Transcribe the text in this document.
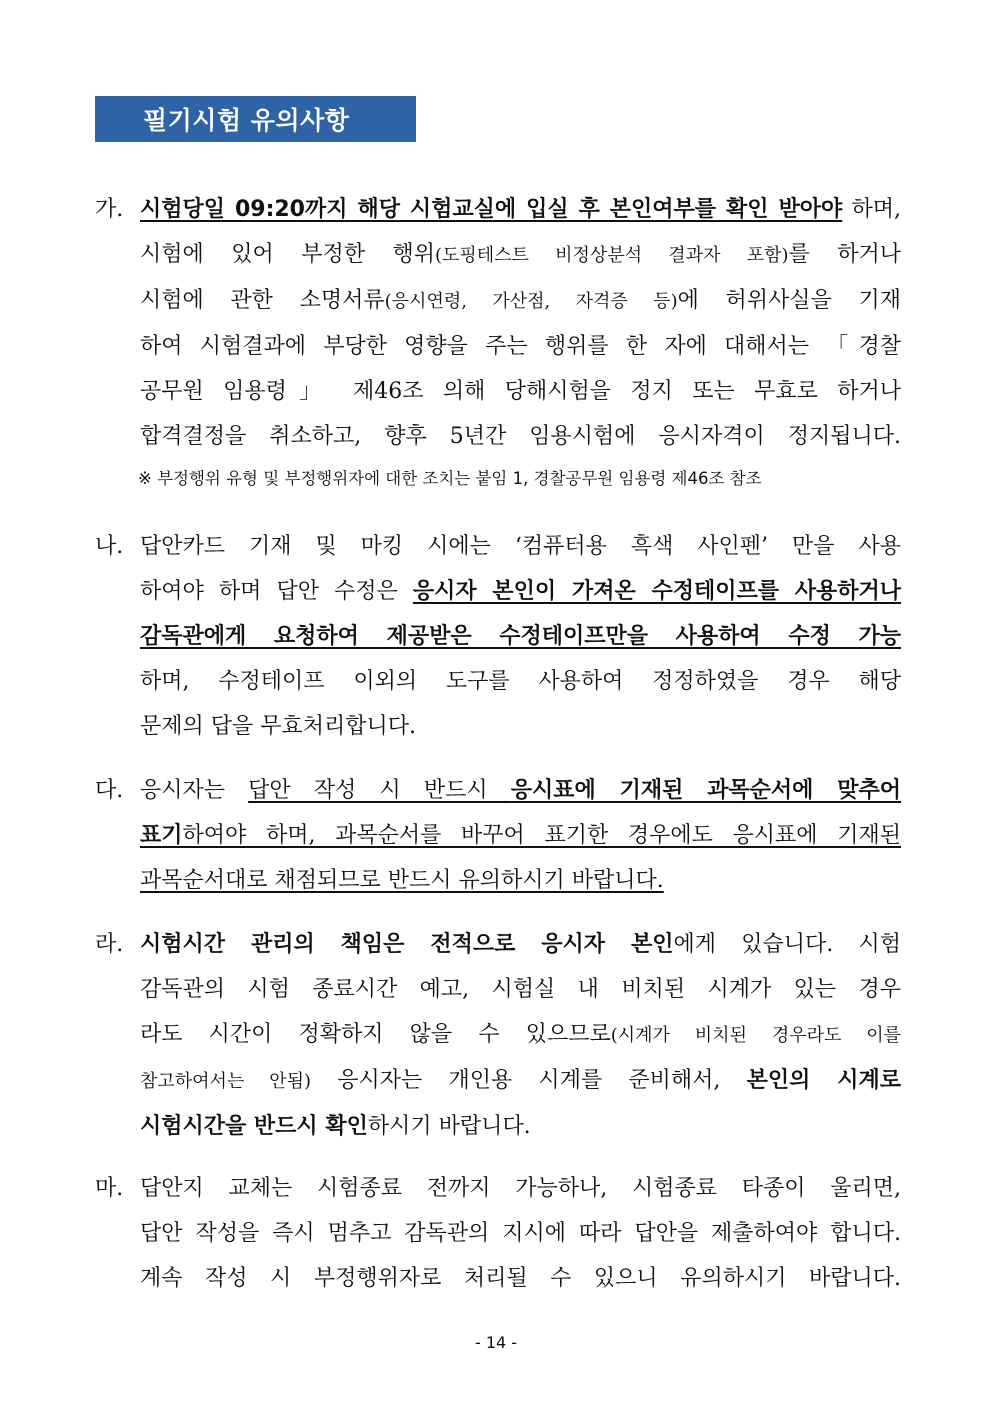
필기시험 유의사항
가. 시험당일 09:20까지 해당 시험교실에 입실 후 본인여부를 확인 받아야 하며,
시험에 있어 부정한 행위(도핑테스트 비정상분석 결과자 포함)를 하거나
시험에 관한 소명서류(응시연령, 가산점, 자격증 등)에 허위사실을 기재
하여 시험결과에 부당한 영향을 주는 행위를 한 자에 대해서는 「경찰
공무원 임용령」 제46조 의해 당해시험을 정지 또는 무효로 하거나
합격결정을 취소하고, 향후 5년간 임용시험에 응시자격이 정지됩니다.
※ 부정행위 유형 및 부정행위자에 대한 조치는 붙임 1, 경찰공무원 임용령 제46조 참조
나. 답안카드 기재 및 마킹 시에는 ‘컴퓨터용 흑색 사인펜’ 만을 사용
하여야 하며 답안 수정은 응시자 본인이 가져온 수정테이프를 사용하거나
감독관에게 요청하여 제공받은 수정테이프만을 사용하여 수정 가능
하며, 수정테이프 이외의 도구를 사용하여 정정하였을 경우 해당
문제의 답을 무효처리합니다.
다. 응시자는 답안 작성 시 반드시 응시표에 기재된 과목순서에 맞추어
표기하여야 하며, 과목순서를 바꾸어 표기한 경우에도 응시표에 기재된
과목순서대로 채점되므로 반드시 유의하시기 바랍니다.
라. 시험시간 관리의 책임은 전적으로 응시자 본인에게 있습니다. 시험
감독관의 시험 종료시간 예고, 시험실 내 비치된 시계가 있는 경우
라도 시간이 정확하지 않을 수 있으므로(시계가 비치된 경우라도 이를
참고하여서는 안됨) 응시자는 개인용 시계를 준비해서, 본인의 시계로
시험시간을 반드시 확인하시기 바랍니다.
마. 답안지 교체는 시험종료 전까지 가능하나, 시험종료 타종이 울리면,
답안 작성을 즉시 멈추고 감독관의 지시에 따라 답안을 제출하여야 합니다.
계속 작성 시 부정행위자로 처리될 수 있으니 유의하시기 바랍니다.
- 14 -
